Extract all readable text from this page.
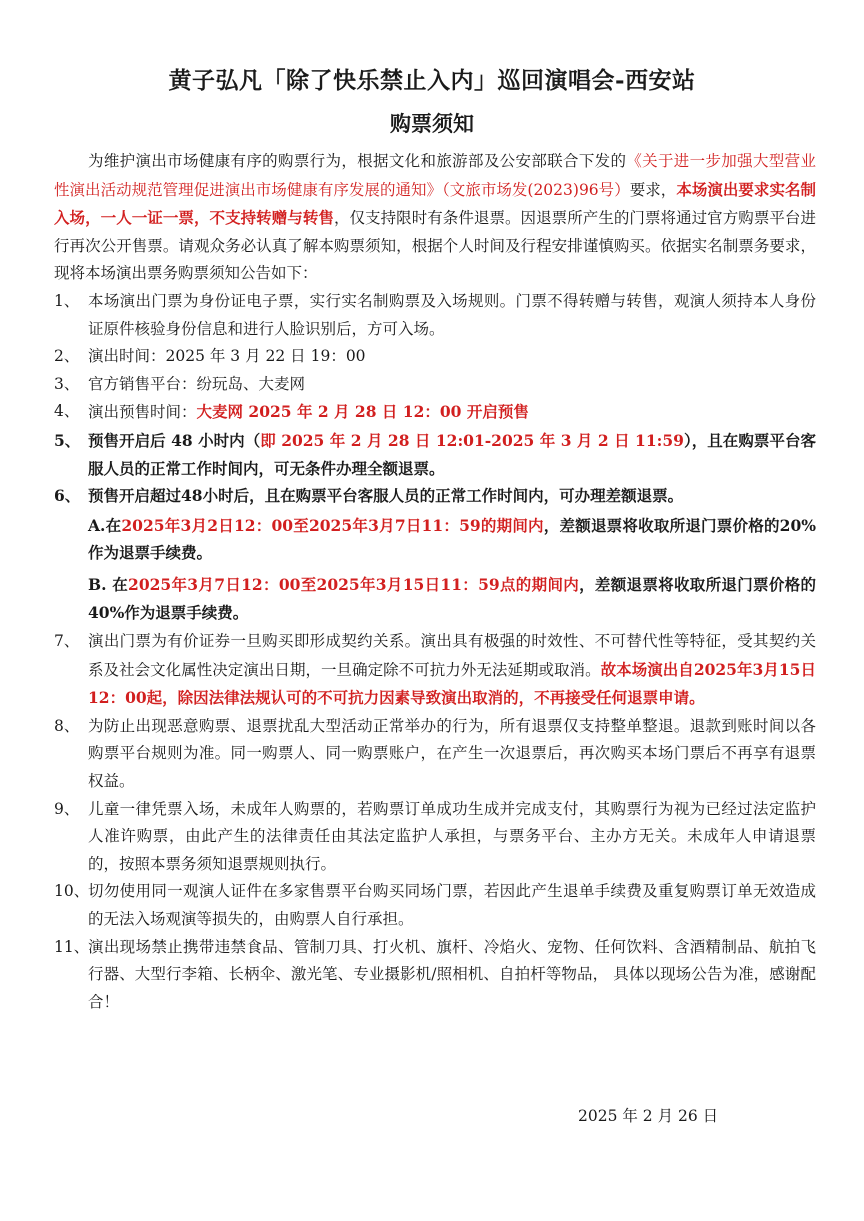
黄子弘凡「除了快乐禁止入内」巡回演唱会-西安站
购票须知

为维护演出市场健康有序的购票行为，根据文化和旅游部及公安部联合下发的《关于进一步加强大型营业性演出活动规范管理促进演出市场健康有序发展的通知》（文旅市场发(2023)96号）要求，本场演出要求实名制入场，一人一证一票，不支持转赠与转售，仅支持限时有条件退票。因退票所产生的门票将通过官方购票平台进行再次公开售票。请观众务必认真了解本购票须知，根据个人时间及行程安排谨慎购买。依据实名制票务要求， 现将本场演出票务购票须知公告如下：

1、 本场演出门票为身份证电子票，实行实名制购票及入场规则。门票不得转赠与转售，观演人须持本人身份证原件核验身份信息和进行人脸识别后，方可入场。

2、 演出时间：2025 年 3 月 22 日 19：00

3、 官方销售平台：纷玩岛、大麦网

4、 演出预售时间：大麦网 2025 年 2 月 28 日 12：00 开启预售

5、 预售开启后 48 小时内（即 2025 年 2 月 28 日 12:01-2025 年 3 月 2 日 11:59），且在购票平台客服人员的正常工作时间内，可无条件办理全额退票。

6、 预售开启超过48小时后，且在购票平台客服人员的正常工作时间内，可办理差额退票。

A.在2025年3月2日12：00至2025年3月7日11：59的期间内，差额退票将收取所退门票价格的20%作为退票手续费。

B. 在2025年3月7日12：00至2025年3月15日11：59点的期间内，差额退票将收取所退门票价格的40%作为退票手续费。

7、 演出门票为有价证券一旦购买即形成契约关系。演出具有极强的时效性、不可替代性等特征，受其契约关系及社会文化属性决定演出日期，一旦确定除不可抗力外无法延期或取消。故本场演出自2025年3月15日12：00起，除因法律法规认可的不可抗力因素导致演出取消的，不再接受任何退票申请。

8、 为防止出现恶意购票、退票扰乱大型活动正常举办的行为，所有退票仅支持整单整退。退款到账时间以各购票平台规则为准。同一购票人、同一购票账户，在产生一次退票后，再次购买本场门票后不再享有退票权益。

9、 儿童一律凭票入场，未成年人购票的，若购票订单成功生成并完成支付，其购票行为视为已经过法定监护人准许购票，由此产生的法律责任由其法定监护人承担，与票务平台、主办方无关。未成年人申请退票的，按照本票务须知退票规则执行。

10、
切勿使用同一观演人证件在多家售票平台购买同场门票，若因此产生退单手续费及重复购票订单无效造成的无法入场观演等损失的，由购票人自行承担。

11、
演出现场禁止携带违禁食品、管制刀具、打火机、旗杆、冷焰火、宠物、任何饮料、含酒精制品、航拍飞行器、大型行李箱、长柄伞、激光笔、专业摄影机/照相机、自拍杆等物品， 具体以现场公告为准，感谢配合！

2025 年 2 月 26 日
